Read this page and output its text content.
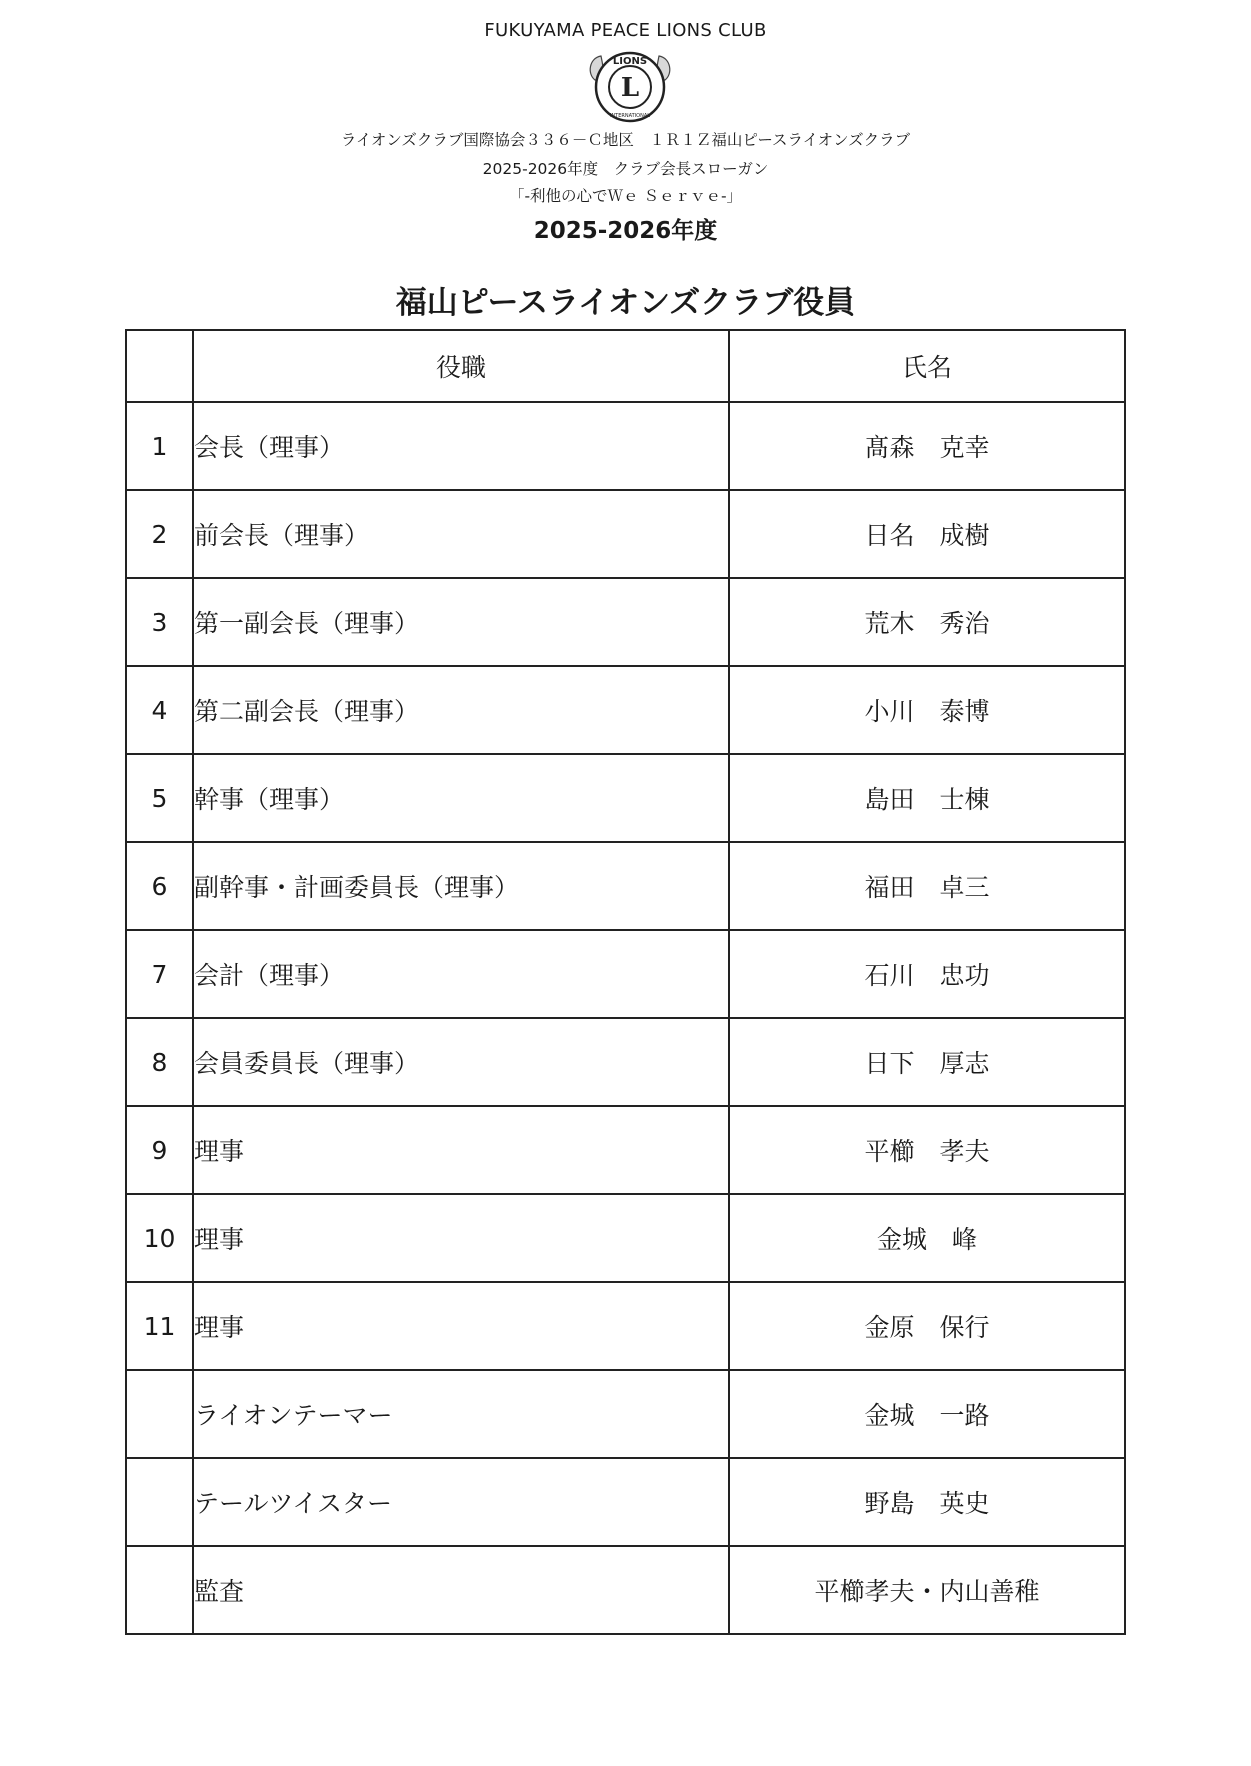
FUKUYAMA PEACE LIONS CLUB
LIONS
L
INTERNATIONAL
ライオンズクラブ国際協会３３６－Ｃ地区　１Ｒ１Ｚ福山ピースライオンズクラブ
2025-2026年度　クラブ会長スローガン
「-利他の心でＷｅ Ｓｅｒｖｅ-」
2025-2026年度
福山ピースライオンズクラブ役員
	役職	氏名
1	会長（理事）	髙森　克幸
2	前会長（理事）	日名　成樹
3	第一副会長（理事）	荒木　秀治
4	第二副会長（理事）	小川　泰博
5	幹事（理事）	島田　士棟
6	副幹事・計画委員長（理事）	福田　卓三
7	会計（理事）	石川　忠功
8	会員委員長（理事）	日下　厚志
9	理事	平櫛　孝夫
10	理事	金城　峰
11	理事	金原　保行
	ライオンテーマー	金城　一路
	テールツイスター	野島　英史
	監査	平櫛孝夫・内山善稚
